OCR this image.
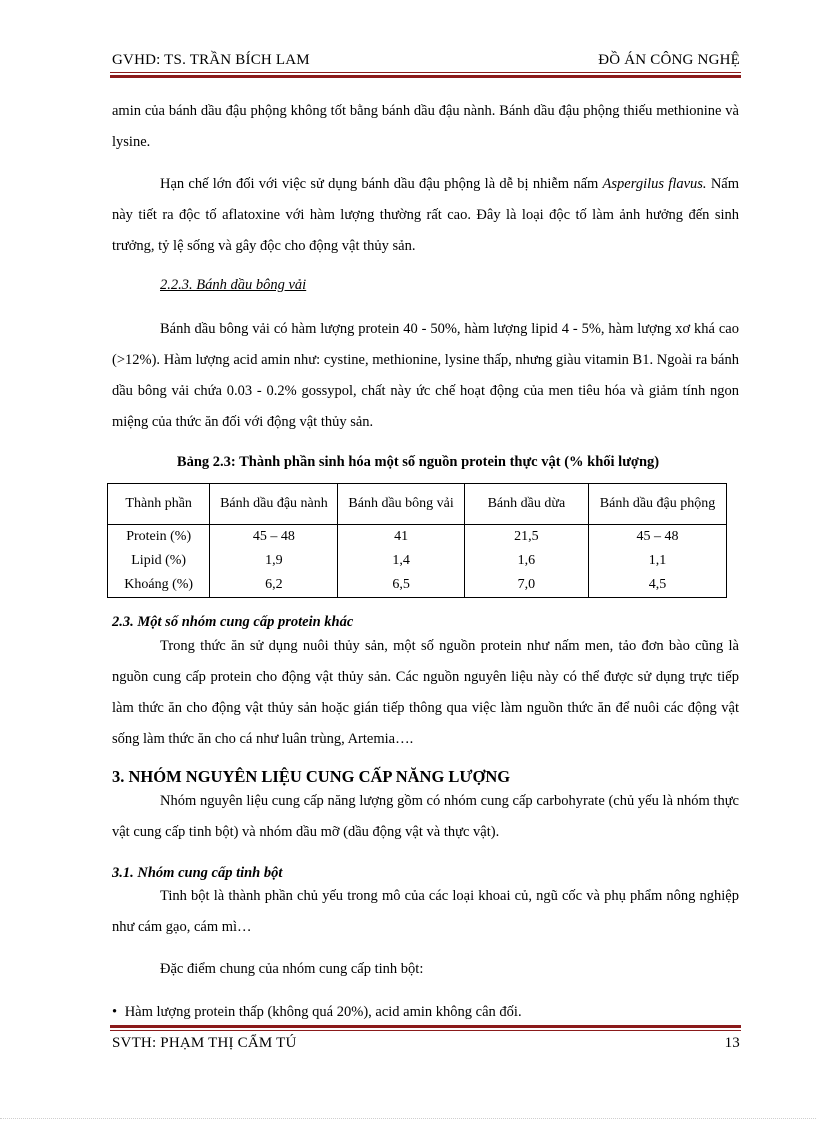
GVHD: TS. TRẦN BÍCH LAM	ĐỒ ÁN CÔNG NGHỆ
amin của bánh dầu đậu phộng không tốt bằng bánh dầu đậu nành. Bánh dầu đậu phộng thiếu methionine và lysine.
Hạn chế lớn đối với việc sử dụng bánh dầu đậu phộng là dễ bị nhiễm nấm Aspergilus flavus. Nấm này tiết ra độc tố aflatoxine với hàm lượng thường rất cao. Đây là loại độc tố làm ảnh hưởng đến sinh trưởng, tỷ lệ sống và gây độc cho động vật thủy sản.
2.2.3. Bánh dầu bông vải
Bánh dầu bông vải có hàm lượng protein 40 - 50%, hàm lượng lipid 4 - 5%, hàm lượng xơ khá cao (>12%). Hàm lượng acid amin như: cystine, methionine, lysine thấp, nhưng giàu vitamin B1. Ngoài ra bánh dầu bông vải chứa 0.03 - 0.2% gossypol, chất này ức chế hoạt động của men tiêu hóa và giảm tính ngon miệng của thức ăn đối với động vật thủy sản.
Bảng 2.3: Thành phần sinh hóa một số nguồn protein thực vật (% khối lượng)
Thành phần	Bánh dầu đậu nành	Bánh dầu bông vải	Bánh dầu dừa	Bánh dầu đậu phộng
Protein (%)	45 – 48	41	21,5	45 – 48
Lipid (%)	1,9	1,4	1,6	1,1
Khoáng (%)	6,2	6,5	7,0	4,5
2.3. Một số nhóm cung cấp protein khác
Trong thức ăn sử dụng nuôi thủy sản, một số nguồn protein như nấm men, tảo đơn bào cũng là nguồn cung cấp protein cho động vật thủy sản. Các nguồn nguyên liệu này có thể được sử dụng trực tiếp làm thức ăn cho động vật thủy sản hoặc gián tiếp thông qua việc làm nguồn thức ăn để nuôi các động vật sống làm thức ăn cho cá như luân trùng, Artemia….
3. NHÓM NGUYÊN LIỆU CUNG CẤP NĂNG LƯỢNG
Nhóm nguyên liệu cung cấp năng lượng gồm có nhóm cung cấp carbohyrate (chủ yếu là nhóm thực vật cung cấp tinh bột) và nhóm dầu mỡ (dầu động vật và thực vật).
3.1. Nhóm cung cấp tinh bột
Tinh bột là thành phần chủ yếu trong mô của các loại khoai củ, ngũ cốc và phụ phẩm nông nghiệp như cám gạo, cám mì…
Đặc điểm chung của nhóm cung cấp tinh bột:
• Hàm lượng protein thấp (không quá 20%), acid amin không cân đối.
SVTH: PHẠM THỊ CẨM TÚ	13
